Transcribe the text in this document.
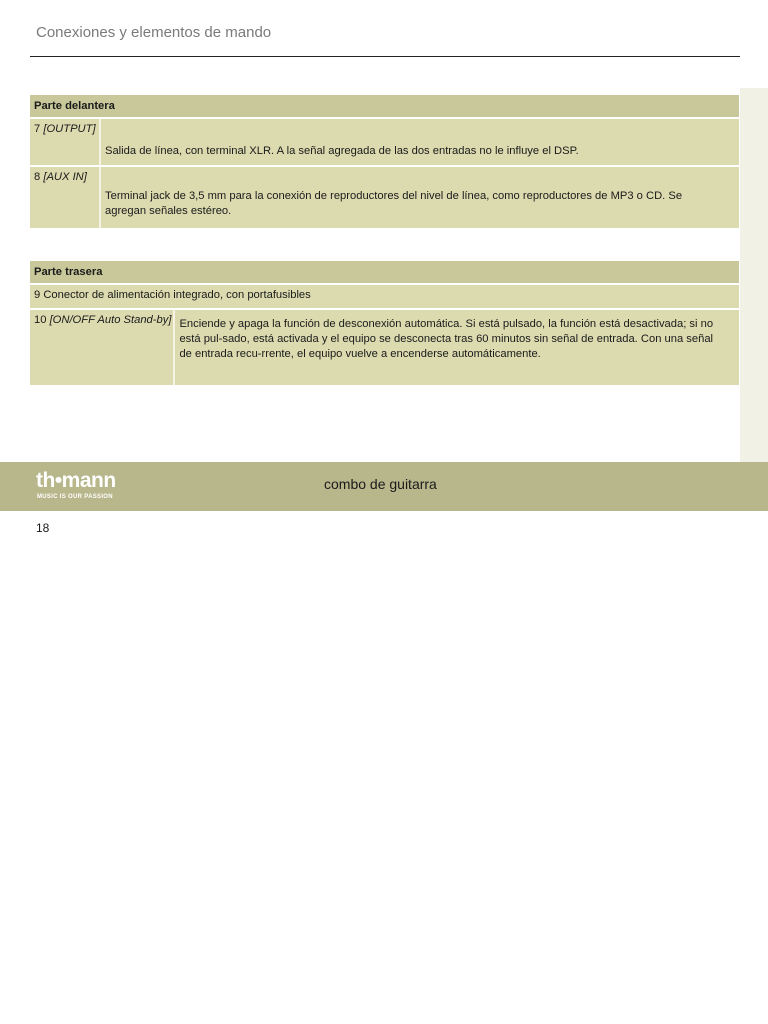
Conexiones y elementos de mando
Parte delantera	
7 [OUTPUT]	Salida de línea, con terminal XLR. A la señal agregada de las dos entradas no le influye el DSP.
8 [AUX IN]	Terminal jack de 3,5 mm para la conexión de reproductores del nivel de línea, como reproductores de MP3 o CD. Se agregan señales estéreo.
Parte trasera
9 Conector de alimentación integrado, con portafusibles
10 [ON/OFF Auto Stand-by]	Enciende y apaga la función de desconexión automática. Si está pulsado, la función está desactivada; si no está pul-sado, está activada y el equipo se desconecta tras 60 minutos sin señal de entrada. Con una señal de entrada recu-rrente, el equipo vuelve a encenderse automáticamente.
th•mann
MUSIC IS OUR PASSION
combo de guitarra
18
